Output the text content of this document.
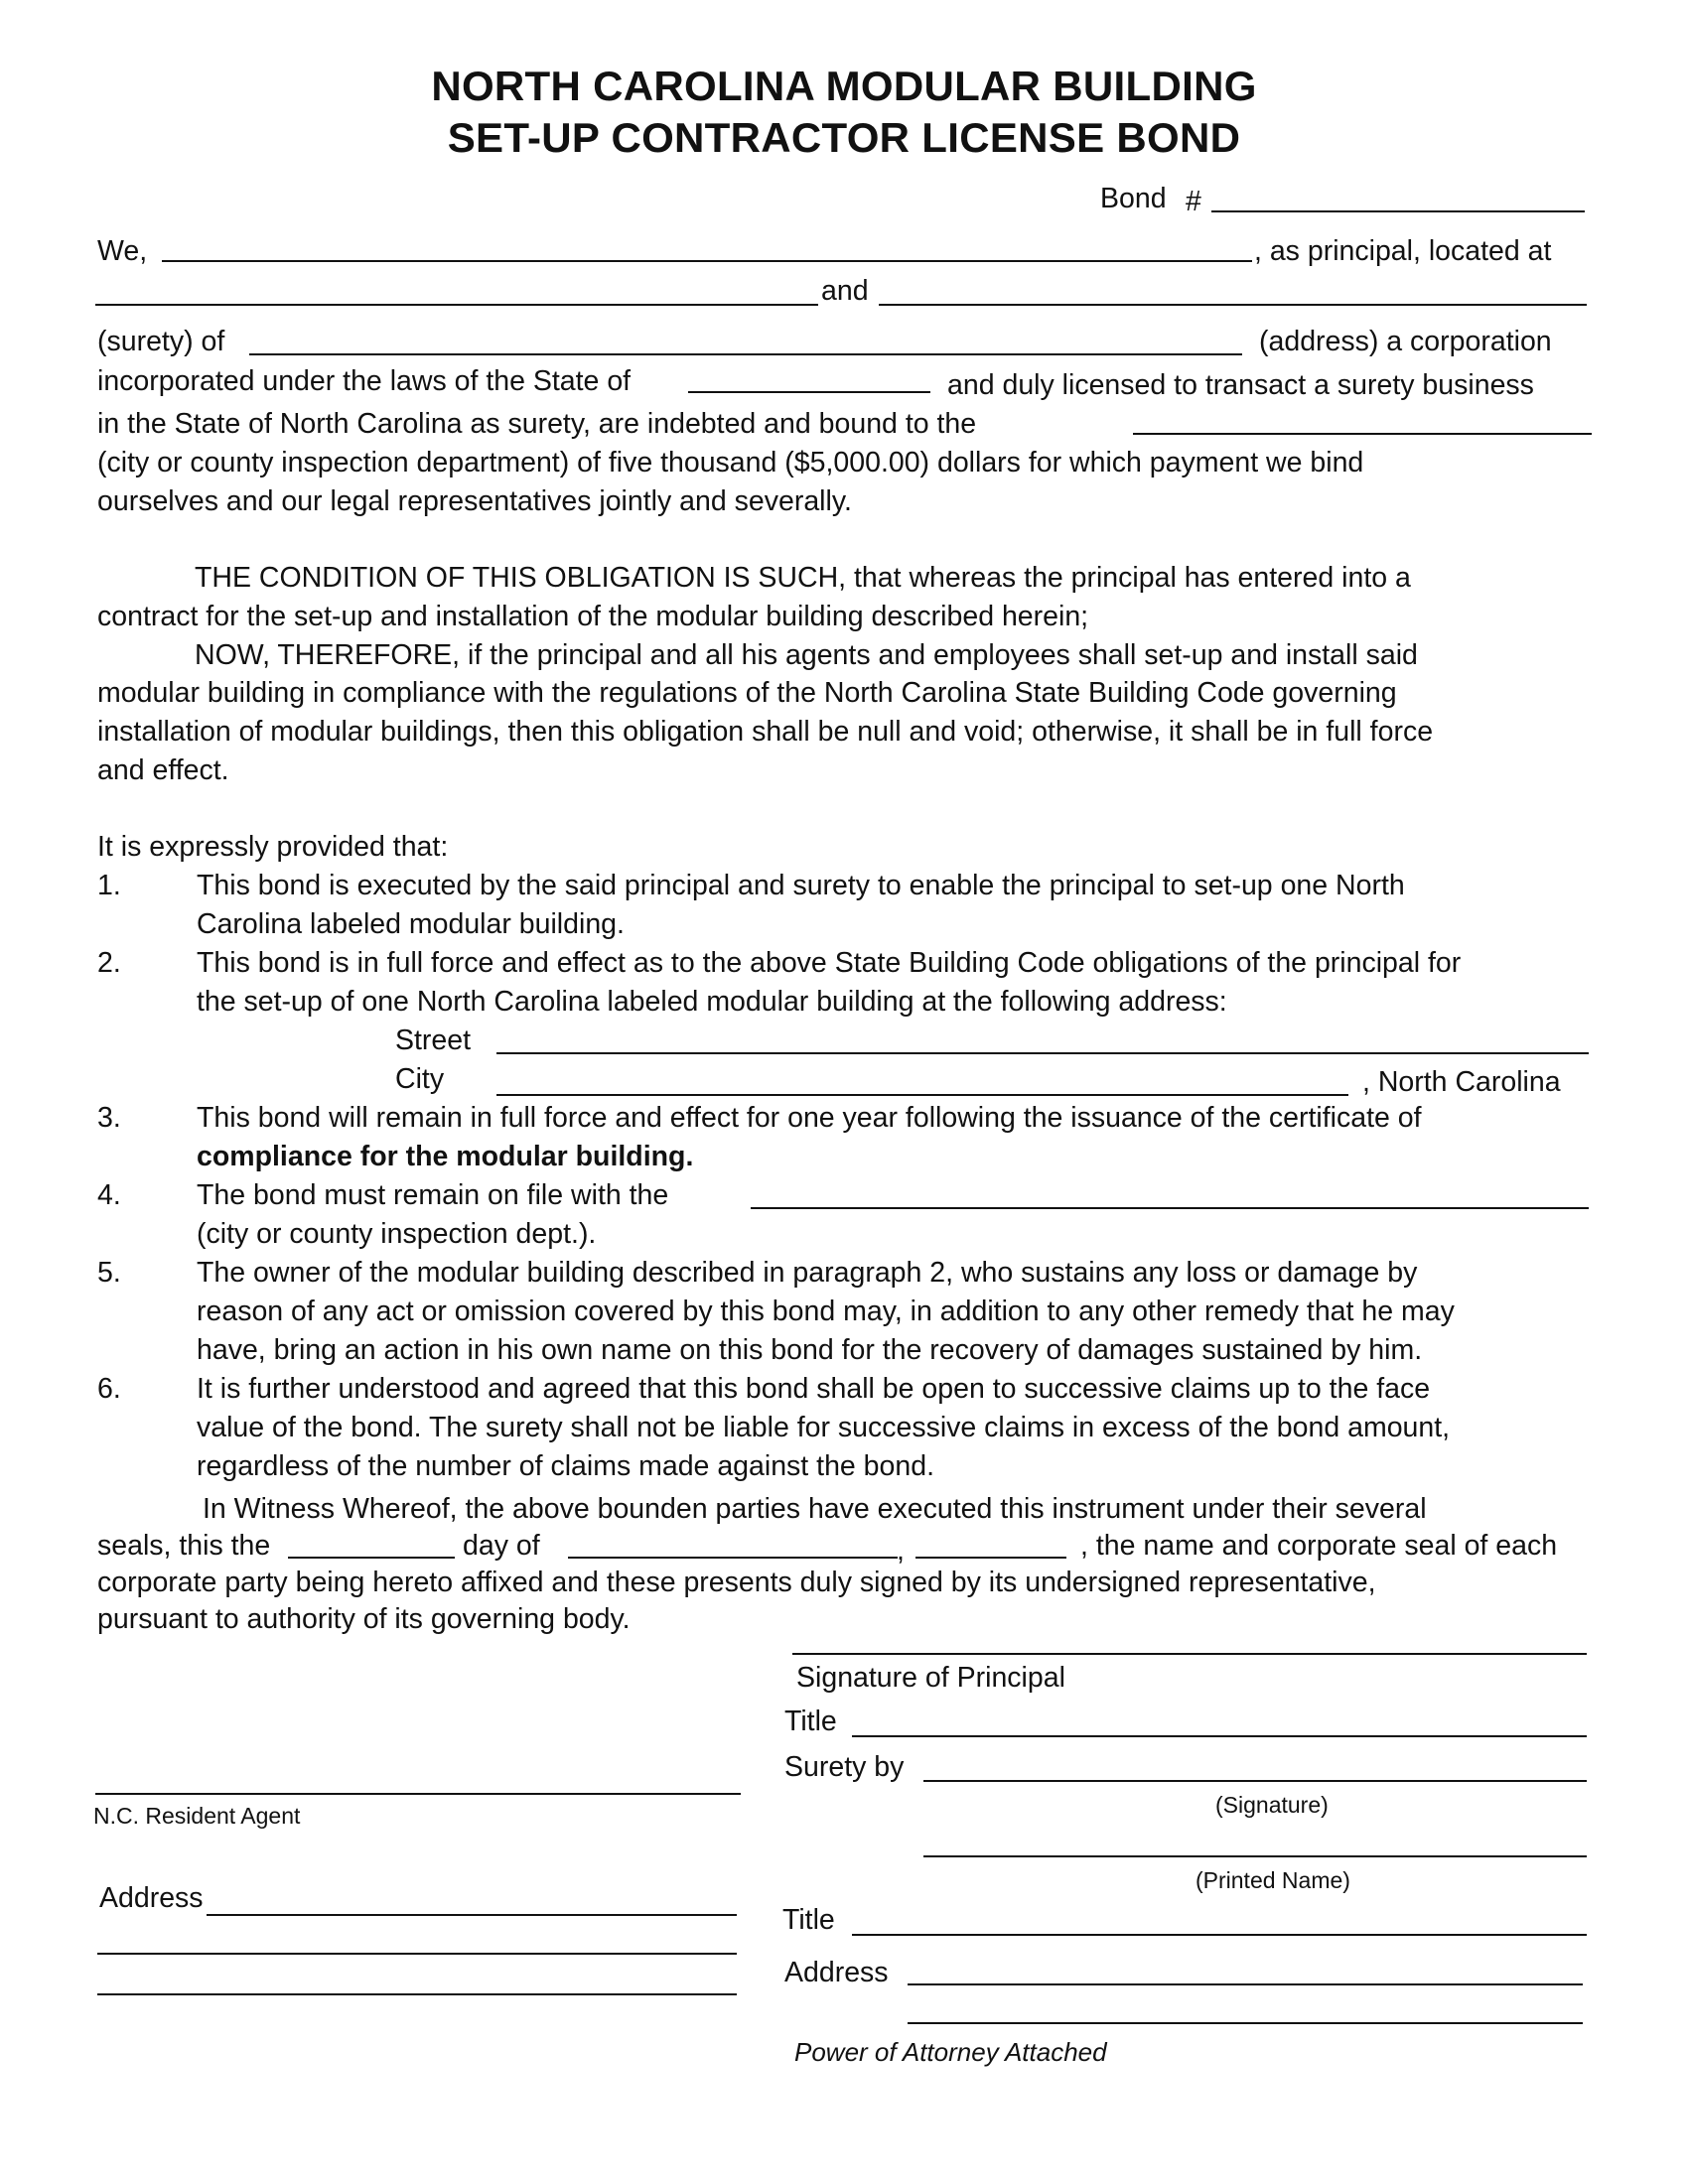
NORTH CAROLINA MODULAR BUILDING
SET-UP CONTRACTOR LICENSE BOND
Bond #
We,	, as principal, located at
and
(surety) of	(address) a corporation
incorporated under the laws of the State of	and duly licensed to transact a surety business
in the State of North Carolina as surety, are indebted and bound to the
(city or county inspection department) of five thousand ($5,000.00) dollars for which payment we bind
ourselves and our legal representatives jointly and severally.
THE CONDITION OF THIS OBLIGATION IS SUCH, that whereas the principal has entered into a
contract for the set-up and installation of the modular building described herein;
NOW, THEREFORE, if the principal and all his agents and employees shall set-up and install said
modular building in compliance with the regulations of the North Carolina State Building Code governing
installation of modular buildings, then this obligation shall be null and void; otherwise, it shall be in full force
and effect.
It is expressly provided that:
1.	This bond is executed by the said principal and surety to enable the principal to set-up one North
Carolina labeled modular building.
2.	This bond is in full force and effect as to the above State Building Code obligations of the principal for
the set-up of one North Carolina labeled modular building at the following address:
Street
City	, North Carolina
3.	This bond will remain in full force and effect for one year following the issuance of the certificate of
compliance for the modular building.
4.	The bond must remain on file with the
(city or county inspection dept.).
5.	The owner of the modular building described in paragraph 2, who sustains any loss or damage by
reason of any act or omission covered by this bond may, in addition to any other remedy that he may
have, bring an action in his own name on this bond for the recovery of damages sustained by him.
6.	It is further understood and agreed that this bond shall be open to successive claims up to the face
value of the bond. The surety shall not be liable for successive claims in excess of the bond amount,
regardless of the number of claims made against the bond.
In Witness Whereof, the above bounden parties have executed this instrument under their several
seals, this the	day of	,	, the name and corporate seal of each
corporate party being hereto affixed and these presents duly signed by its undersigned representative,
pursuant to authority of its governing body.
Signature of Principal
Title
Surety by
(Signature)
(Printed Name)
Title
Address
Power of Attorney Attached
N.C. Resident Agent
Address
